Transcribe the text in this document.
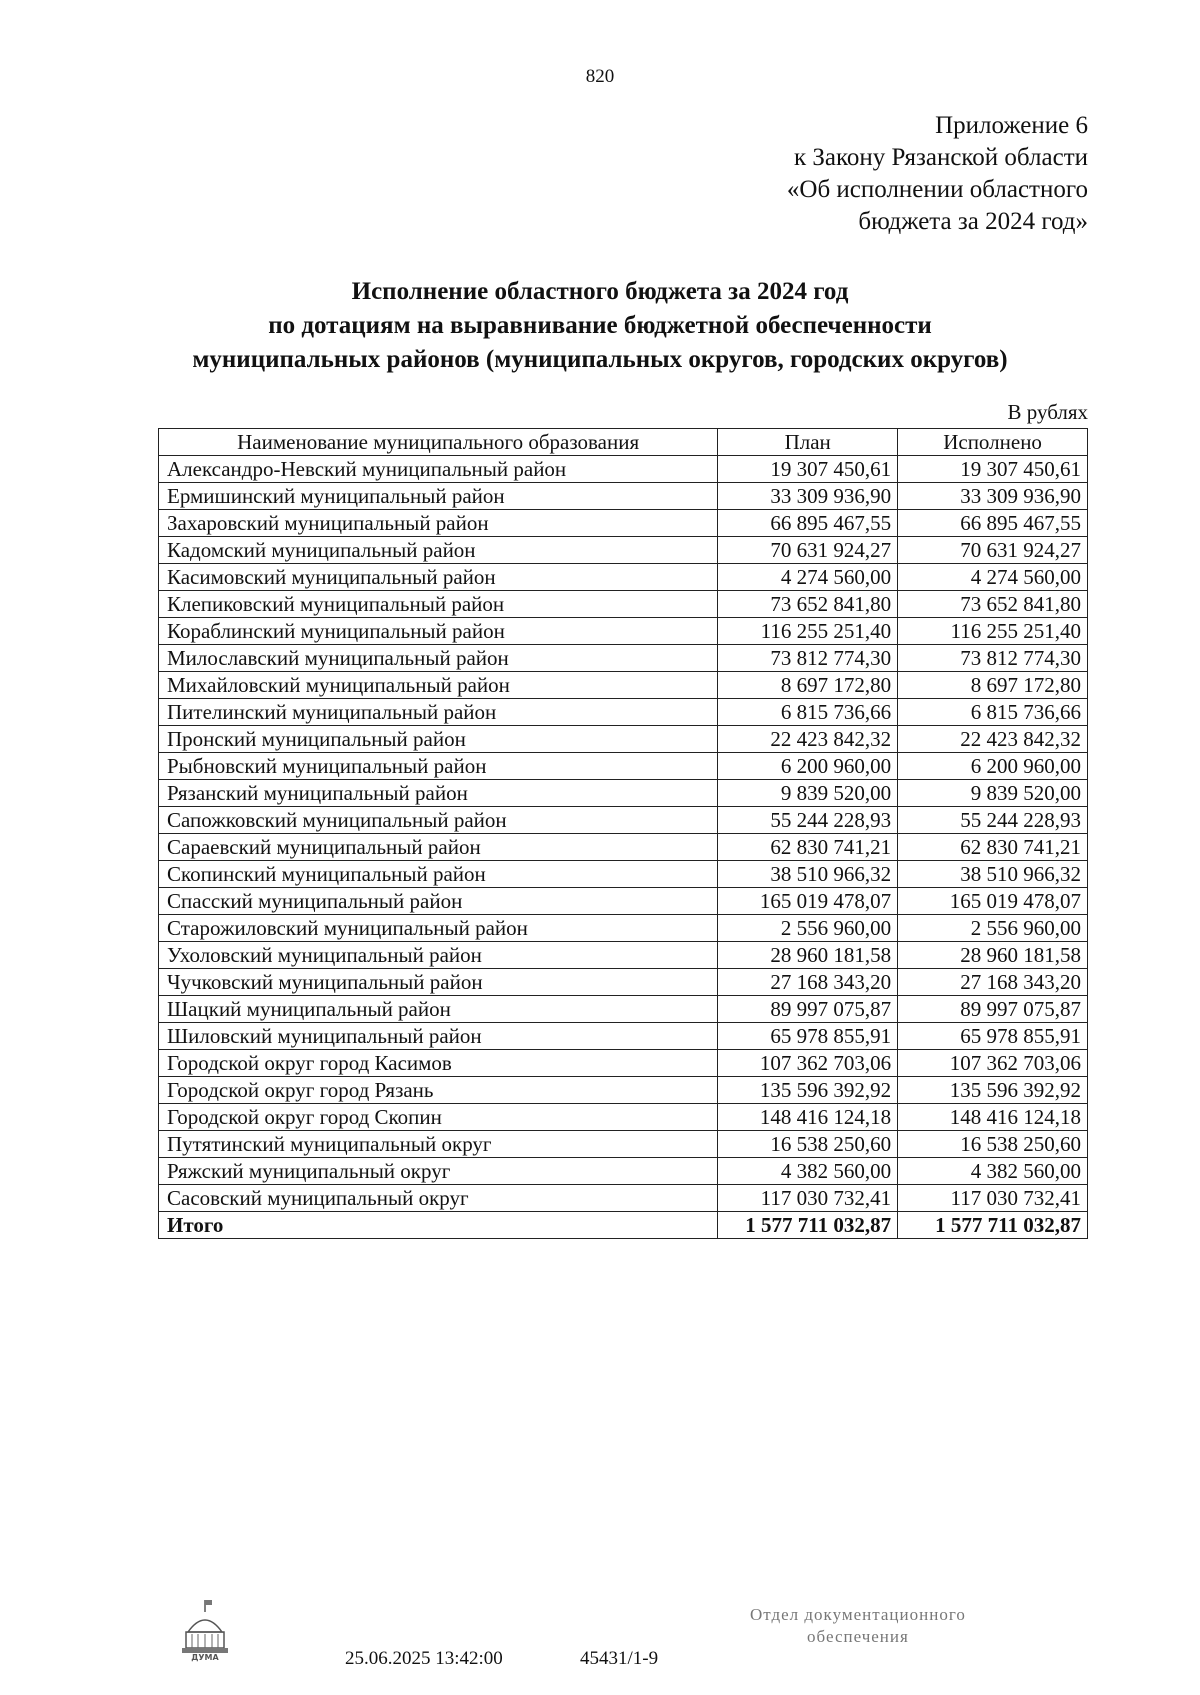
820
Приложение 6
к Закону Рязанской области
«Об исполнении областного
бюджета за 2024 год»
Исполнение областного бюджета за 2024 год
по дотациям на выравнивание бюджетной обеспеченности
муниципальных районов (муниципальных округов, городских округов)
В рублях
Наименование муниципального образования	План	Исполнено
Александро-Невский муниципальный район	19 307 450,61	19 307 450,61
Ермишинский муниципальный район	33 309 936,90	33 309 936,90
Захаровский муниципальный район	66 895 467,55	66 895 467,55
Кадомский муниципальный район	70 631 924,27	70 631 924,27
Касимовский муниципальный район	4 274 560,00	4 274 560,00
Клепиковский муниципальный район	73 652 841,80	73 652 841,80
Кораблинский муниципальный район	116 255 251,40	116 255 251,40
Милославский муниципальный район	73 812 774,30	73 812 774,30
Михайловский муниципальный район	8 697 172,80	8 697 172,80
Пителинский муниципальный район	6 815 736,66	6 815 736,66
Пронский муниципальный район	22 423 842,32	22 423 842,32
Рыбновский муниципальный район	6 200 960,00	6 200 960,00
Рязанский муниципальный район	9 839 520,00	9 839 520,00
Сапожковский муниципальный район	55 244 228,93	55 244 228,93
Сараевский муниципальный район	62 830 741,21	62 830 741,21
Скопинский муниципальный район	38 510 966,32	38 510 966,32
Спасский муниципальный район	165 019 478,07	165 019 478,07
Старожиловский муниципальный район	2 556 960,00	2 556 960,00
Ухоловский муниципальный район	28 960 181,58	28 960 181,58
Чучковский муниципальный район	27 168 343,20	27 168 343,20
Шацкий муниципальный район	89 997 075,87	89 997 075,87
Шиловский муниципальный район	65 978 855,91	65 978 855,91
Городской округ город Касимов	107 362 703,06	107 362 703,06
Городской округ город Рязань	135 596 392,92	135 596 392,92
Городской округ город Скопин	148 416 124,18	148 416 124,18
Путятинский муниципальный округ	16 538 250,60	16 538 250,60
Ряжский муниципальный округ	4 382 560,00	4 382 560,00
Сасовский муниципальный округ	117 030 732,41	117 030 732,41
Итого	1 577 711 032,87	1 577 711 032,87
ДУМА	25.06.2025 13:42:00	45431/1-9
Отдел документационного
обеспечения
